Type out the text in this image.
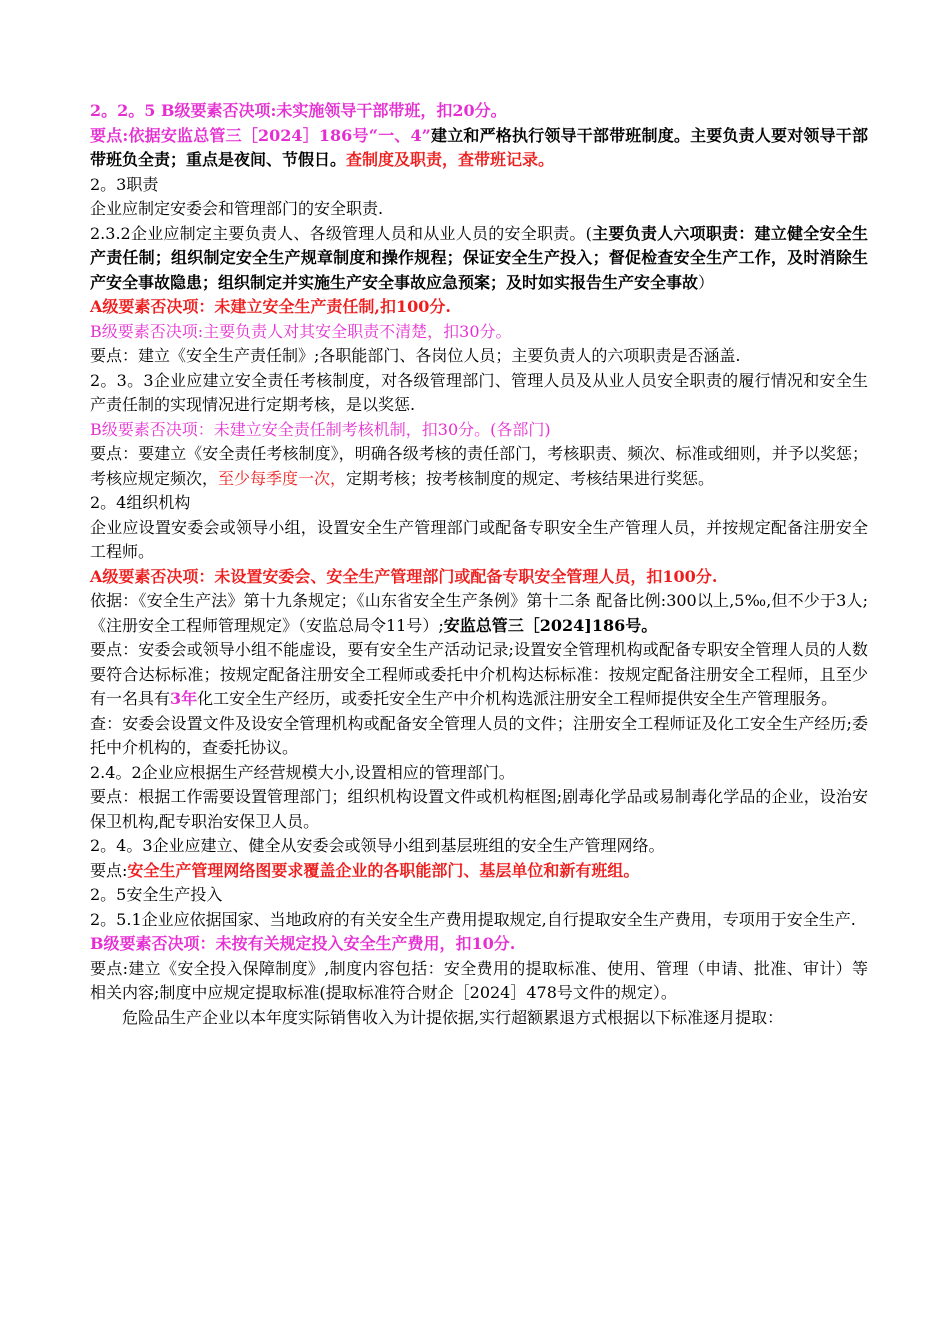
2。2。5 B级要素否决项:未实施领导干部带班，扣20分。

要点:依据安监总管三［2024］186号“一、4”建立和严格执行领导干部带班制度。主要负责人要对领导干部带班负全责；重点是夜间、节假日。查制度及职责，查带班记录。

2。3职责

企业应制定安委会和管理部门的安全职责.

2.3.2企业应制定主要负责人、各级管理人员和从业人员的安全职责。(主要负责人六项职责：建立健全安全生产责任制；组织制定安全生产规章制度和操作规程；保证安全生产投入；督促检查安全生产工作，及时消除生产安全事故隐患；组织制定并实施生产安全事故应急预案；及时如实报告生产安全事故）

A级要素否决项：未建立安全生产责任制,扣100分.

B级要素否决项:主要负责人对其安全职责不清楚，扣30分。

要点：建立《安全生产责任制》;各职能部门、各岗位人员；主要负责人的六项职责是否涵盖.

2。3。3企业应建立安全责任考核制度，对各级管理部门、管理人员及从业人员安全职责的履行情况和安全生产责任制的实现情况进行定期考核，是以奖惩.

B级要素否决项：未建立安全责任制考核机制，扣30分。(各部门)

要点：要建立《安全责任考核制度》，明确各级考核的责任部门，考核职责、频次、标准或细则，并予以奖惩；考核应规定频次，至少每季度一次，定期考核；按考核制度的规定、考核结果进行奖惩。

2。4组织机构

企业应设置安委会或领导小组，设置安全生产管理部门或配备专职安全生产管理人员，并按规定配备注册安全工程师。

A级要素否决项：未设置安委会、安全生产管理部门或配备专职安全管理人员，扣100分.

依据：《安全生产法》第十九条规定；《山东省安全生产条例》第十二条 配备比例:300以上,5‰,但不少于3人;《注册安全工程师管理规定》（安监总局令11号）;安监总管三［2024]186号。

要点：安委会或领导小组不能虚设，要有安全生产活动记录;设置安全管理机构或配备专职安全管理人员的人数要符合达标标准；按规定配备注册安全工程师或委托中介机构达标标准：按规定配备注册安全工程师，且至少有一名具有3年化工安全生产经历，或委托安全生产中介机构选派注册安全工程师提供安全生产管理服务。

查：安委会设置文件及设安全管理机构或配备安全管理人员的文件；注册安全工程师证及化工安全生产经历;委托中介机构的，查委托协议。

2.4。2企业应根据生产经营规模大小,设置相应的管理部门。

要点：根据工作需要设置管理部门；组织机构设置文件或机构框图;剧毒化学品或易制毒化学品的企业，设治安保卫机构,配专职治安保卫人员。

2。4。3企业应建立、健全从安委会或领导小组到基层班组的安全生产管理网络。

要点:安全生产管理网络图要求覆盖企业的各职能部门、基层单位和新有班组。

2。5安全生产投入

2。5.1企业应依据国家、当地政府的有关安全生产费用提取规定,自行提取安全生产费用，专项用于安全生产.

B级要素否决项：未按有关规定投入安全生产费用，扣10分.

要点:建立《安全投入保障制度》,制度内容包括：安全费用的提取标准、使用、管理（申请、批准、审计）等相关内容;制度中应规定提取标准(提取标准符合财企［2024］478号文件的规定）。

危险品生产企业以本年度实际销售收入为计提依据,实行超额累退方式根据以下标准逐月提取：
